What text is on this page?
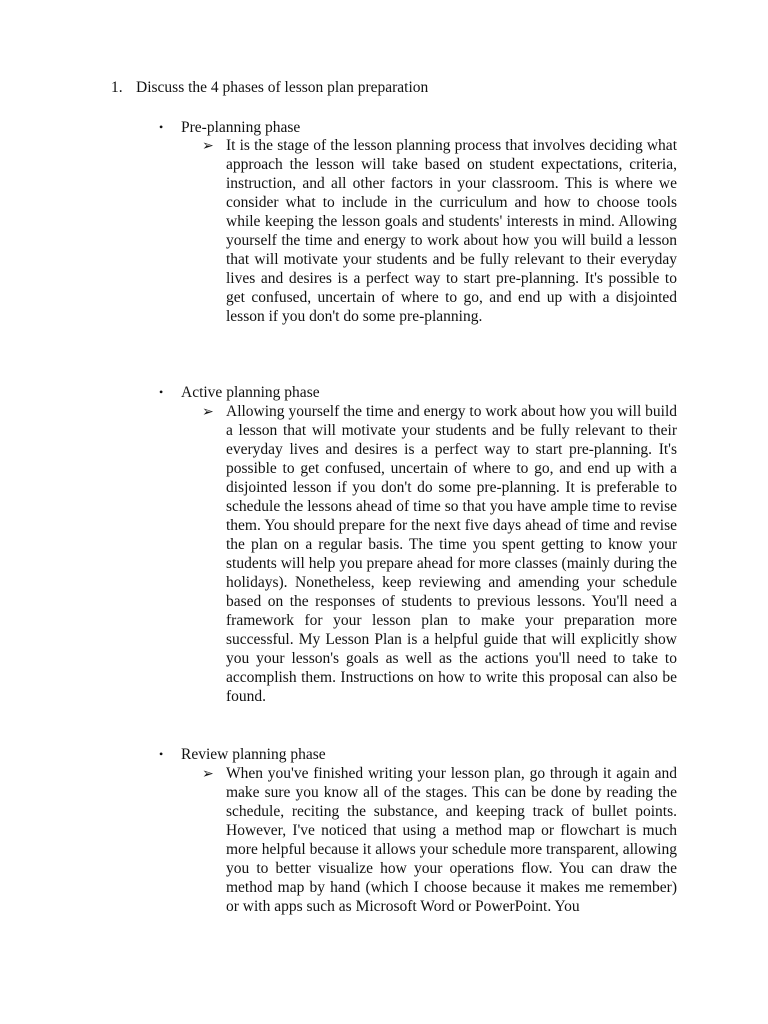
1. Discuss the 4 phases of lesson plan preparation
• Pre-planning phase
➢ It is the stage of the lesson planning process that involves deciding what approach the lesson will take based on student expectations, criteria, instruction, and all other factors in your classroom. This is where we consider what to include in the curriculum and how to choose tools while keeping the lesson goals and students' interests in mind. Allowing yourself the time and energy to work about how you will build a lesson that will motivate your students and be fully relevant to their everyday lives and desires is a perfect way to start pre-planning. It's possible to get confused, uncertain of where to go, and end up with a disjointed lesson if you don't do some pre-planning.

• Active planning phase
➢ Allowing yourself the time and energy to work about how you will build a lesson that will motivate your students and be fully relevant to their everyday lives and desires is a perfect way to start pre-planning. It's possible to get confused, uncertain of where to go, and end up with a disjointed lesson if you don't do some pre-planning. It is preferable to schedule the lessons ahead of time so that you have ample time to revise them. You should prepare for the next five days ahead of time and revise the plan on a regular basis. The time you spent getting to know your students will help you prepare ahead for more classes (mainly during the holidays). Nonetheless, keep reviewing and amending your schedule based on the responses of students to previous lessons. You'll need a framework for your lesson plan to make your preparation more successful. My Lesson Plan is a helpful guide that will explicitly show you your lesson's goals as well as the actions you'll need to take to accomplish them. Instructions on how to write this proposal can also be found.

• Review planning phase
➢ When you've finished writing your lesson plan, go through it again and make sure you know all of the stages. This can be done by reading the schedule, reciting the substance, and keeping track of bullet points. However, I've noticed that using a method map or flowchart is much more helpful because it allows your schedule more transparent, allowing you to better visualize how your operations flow. You can draw the method map by hand (which I choose because it makes me remember) or with apps such as Microsoft Word or PowerPoint. You
